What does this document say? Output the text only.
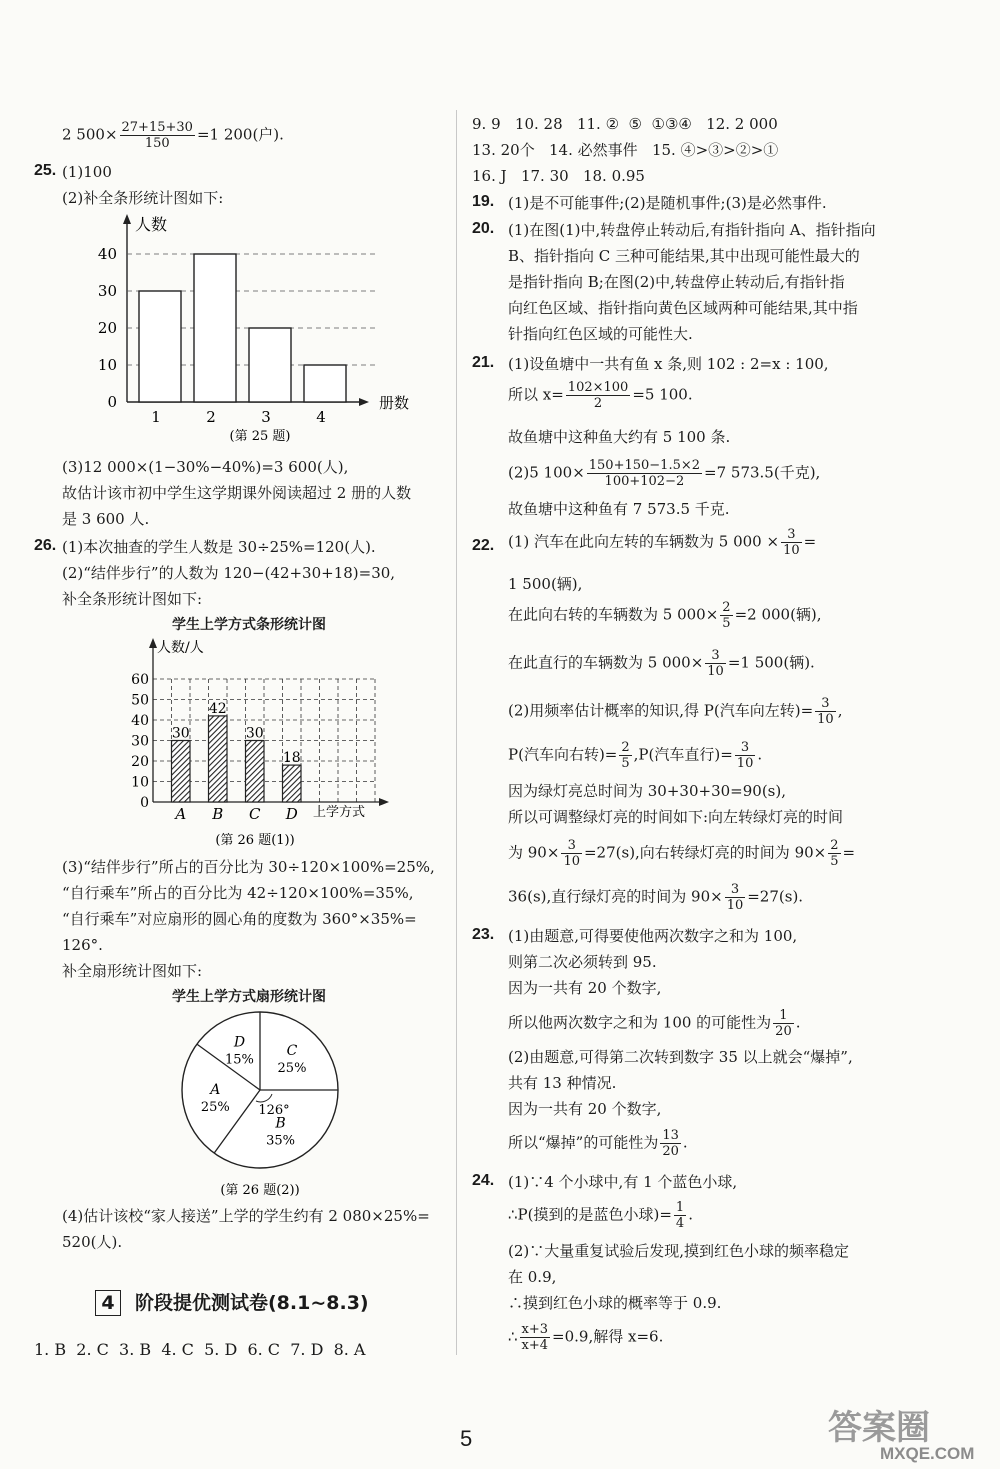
2 $500\times \frac{27+15+30}{150} =1$ 200(户).
25. (1)100
(2)补全条形统计图如下:
人数
册数
0
10
20
30
40
1	2	3	4
(第 25 题)
(3)12 000×(1−30%−40%)=3 600(人),
故估计该市初中学生这学期课外阅读超过 2 册的人数
是 3 600 人.
26. (1)本次抽查的学生人数是 30÷25%=120(人).
(2)“结伴步行”的人数为 120−(42+30+18)=30,
补全条形统计图如下:
学生上学方式条形统计图
人数/人
上学方式
10
20
30
40
50
60
0
30
A
42
B
30
C
18
D
(第 26 题(1))
(3)“结伴步行”所占的百分比为 30÷120×100%=25%,
“自行乘车”所占的百分比为 42÷120×100%=35%,
“自行乘车”对应扇形的圆心角的度数为 360°×35%=
126°.
补全扇形统计图如下:
学生上学方式扇形统计图
C
25%
B
35%
A
25%
D
15%
126°
(第 26 题(2))
(4)估计该校“家人接送”上学的学生约有 2 080×25%=
520(人).
4 阶段提优测试卷(8.1~8.3)
1. B  2. C  3. B  4. C  5. D  6. C  7. D  8. A
9. 9   10. 28   11. ②  ⑤  ①③④   12. 2 000
13. 20个   14. 必然事件   15. ④>③>②>①
16. J   17. 30   18. 0.95
19. (1)是不可能事件;(2)是随机事件;(3)是必然事件.
20. (1)在图(1)中,转盘停止转动后,有指针指向 A、指针指向
B、指针指向 C 三种可能结果,其中出现可能性最大的
是指针指向 B;在图(2)中,转盘停止转动后,有指针指
向红色区域、指针指向黄色区域两种可能结果,其中指
针指向红色区域的可能性大.
21. (1)设鱼塘中一共有鱼 x 条,则 102 : 2=x : 100,
所以 $x= \frac{102\times 100}{2} =5$ 100.
故鱼塘中这种鱼大约有 5 100 条.
(2)5 $100\times \frac{150+150-1.5\times 2}{100+102-2} =7$ 573.5(千克),
故鱼塘中这种鱼有 7 573.5 千克.
22. (1) 汽车在此向左转的车辆数为 5 $000 \times \frac{3}{10}$ =
1 500(辆),
在此向右转的车辆数为 5 $000\times \frac{2}{5} =2$ 000(辆),
在此直行的车辆数为 5 $000\times \frac{3}{10} =1$ 500(辆).
(2)用频率估计概率的知识,得 P(汽车向左转)= $\frac{3}{10}$ ,
P(汽车向右转)= $\frac{2}{5} ,P$(汽车直行)= $\frac{3}{10}$ .
因为绿灯亮总时间为 30+30+30=90(s),
所以可调整绿灯亮的时间如下:向左转绿灯亮的时间
为 $90\times \frac{3}{10} =27(s)$,向右转绿灯亮的时间为 $90\times \frac{2}{5}$ =
36(s),直行绿灯亮的时间为 $90\times \frac{3}{10} =27(s)$.
23. (1)由题意,可得要使他两次数字之和为 100,
则第二次必须转到 95.
因为一共有 20 个数字,
所以他两次数字之和为 100 的可能性为 $\frac{1}{20}$ .
(2)由题意,可得第二次转到数字 35 以上就会“爆掉”,
共有 13 种情况.
因为一共有 20 个数字,
所以“爆掉”的可能性为 $\frac{13}{20}$ .
24. (1)∵4 个小球中,有 1 个蓝色小球,
∴P(摸到的是蓝色小球)= $\frac{1}{4}$ .
(2)∵大量重复试验后发现,摸到红色小球的频率稳定
在 0.9,
∴摸到红色小球的概率等于 0.9.
∴ $\frac{x+3}{x+4} =0.9$,解得 x=6.
5	答案圈
MXQE.COM
